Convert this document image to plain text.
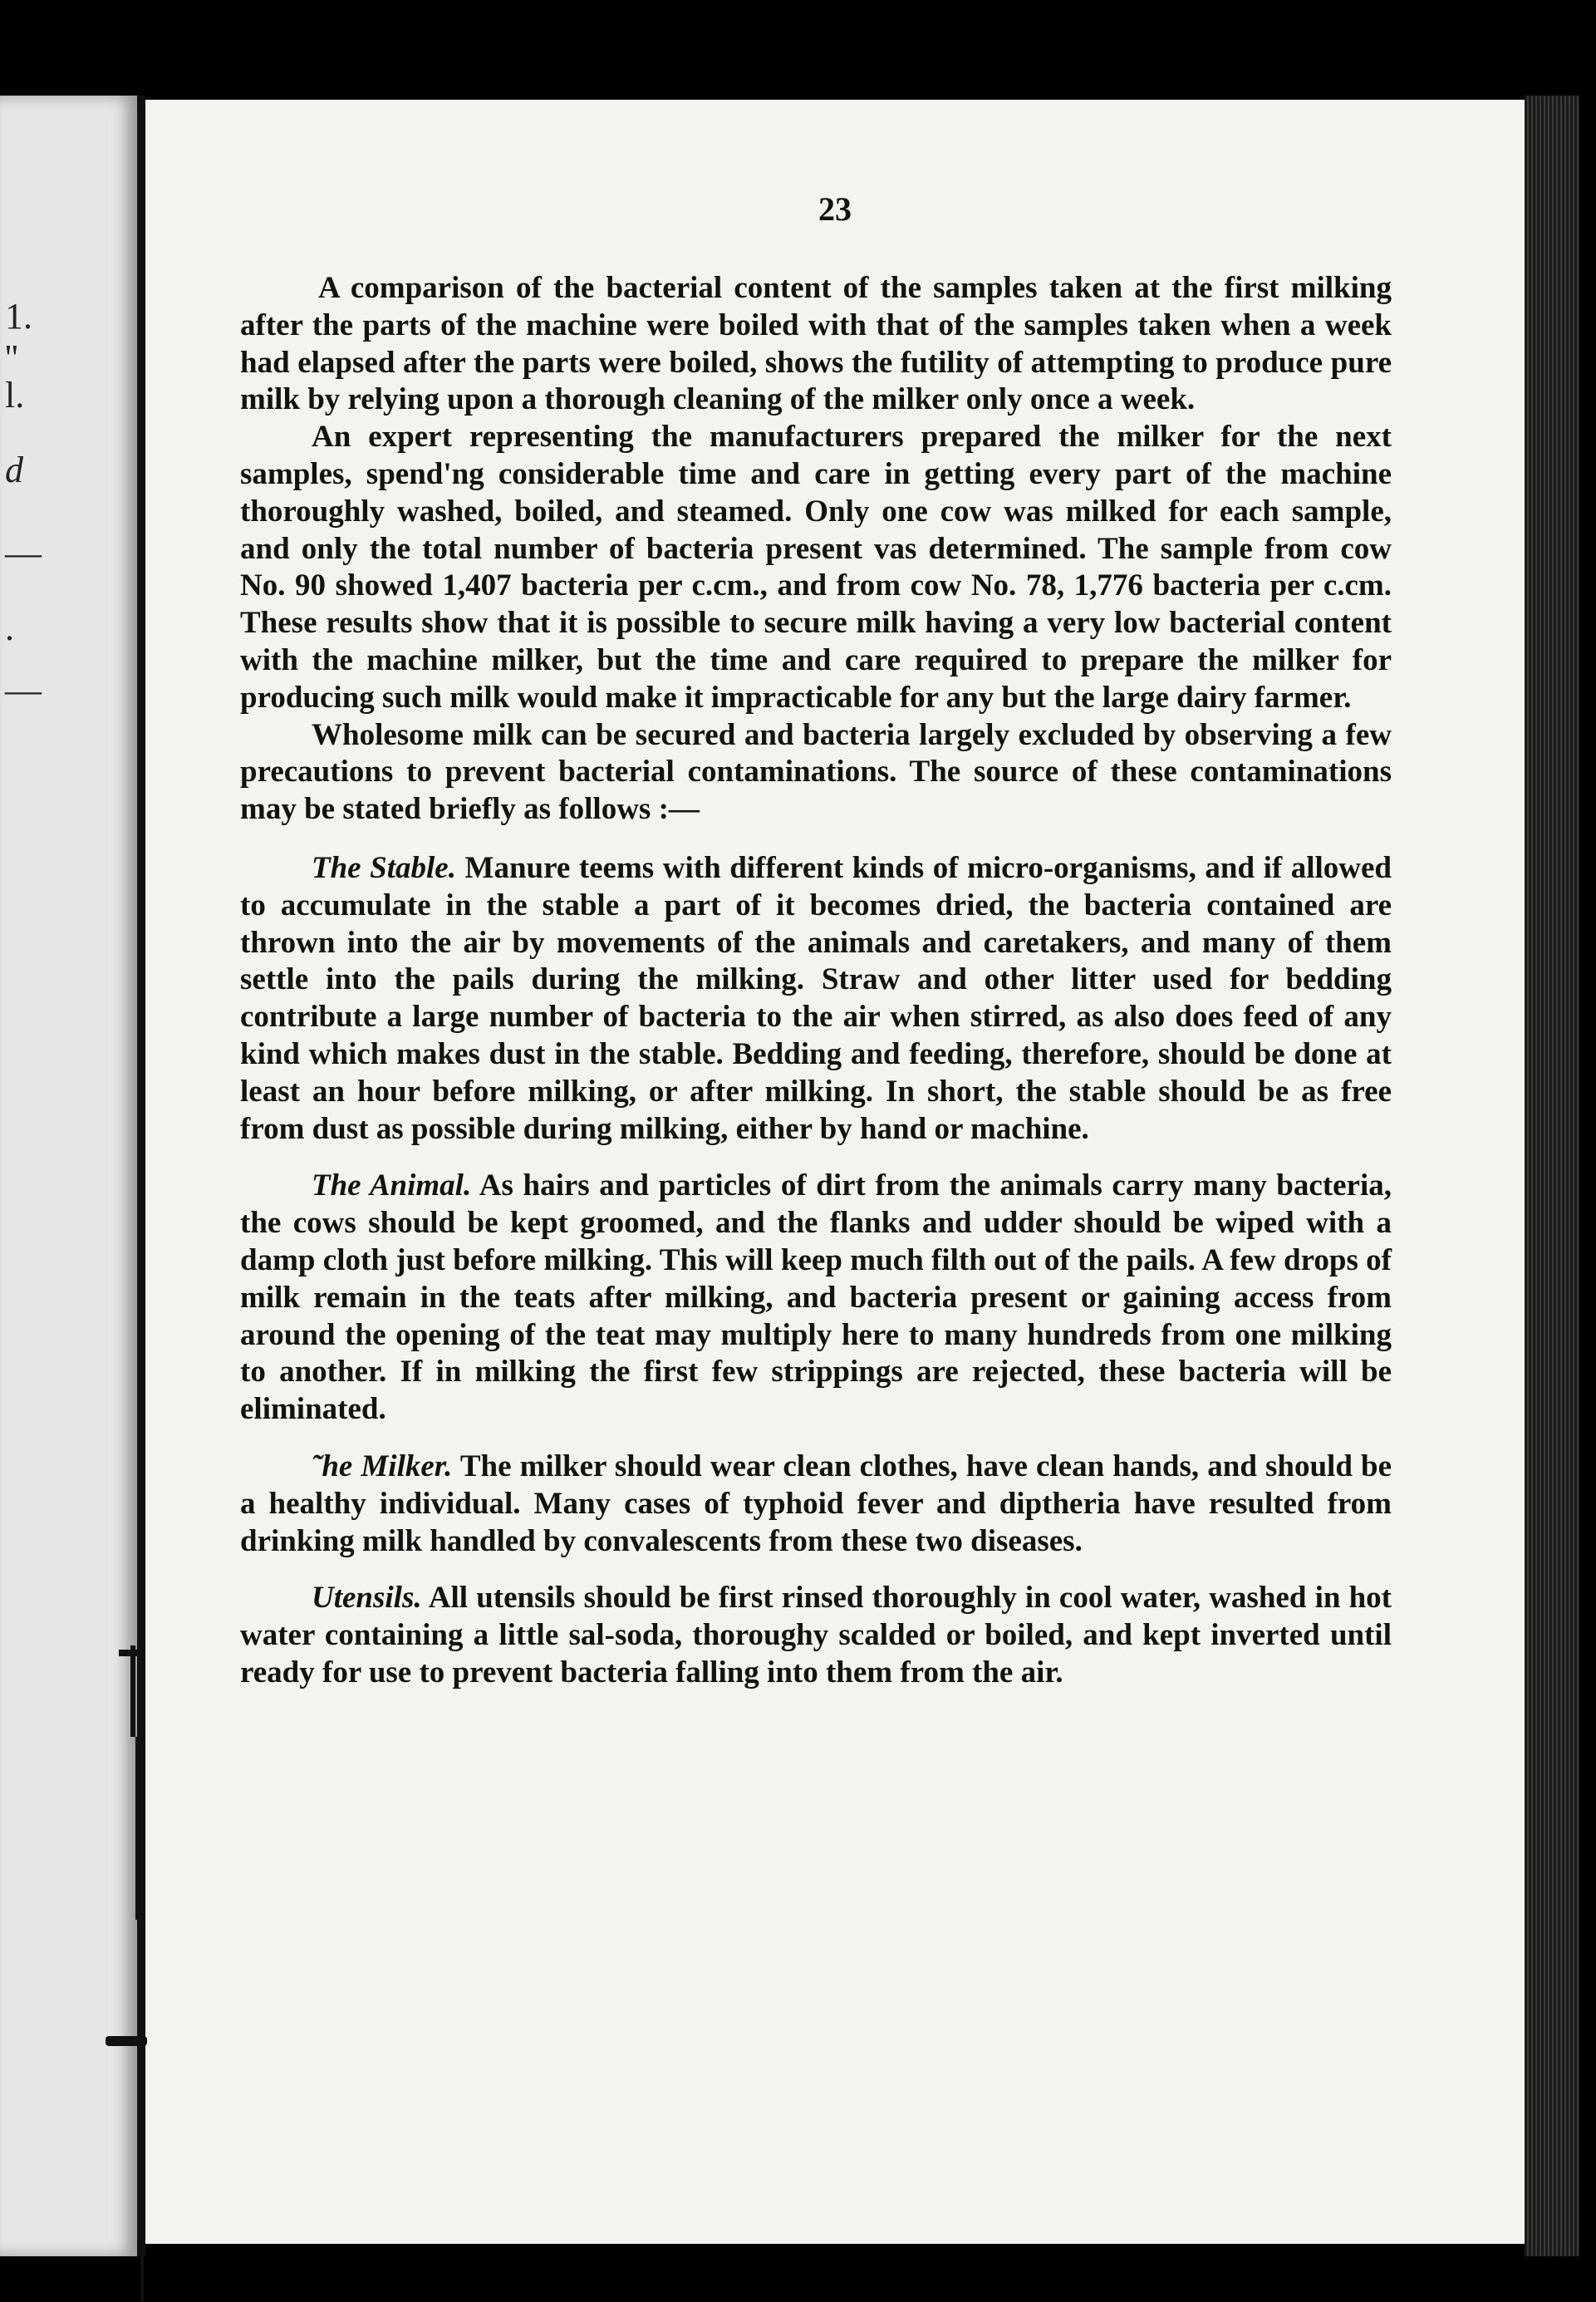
1.
''
l.
d
—
.
—
23

A comparison of the bacterial content of the samples taken at the first milking after the parts of the machine were boiled with that of the samples taken when a week had elapsed after the parts were boiled, shows the futility of attempting to produce pure milk by relying upon a thorough cleaning of the milker only once a week.

An expert representing the manufacturers prepared the milker for the next samples, spend'ng considerable time and care in getting every part of the machine thoroughly washed, boiled, and steamed. Only one cow was milked for each sample, and only the total number of bacteria present vas determined. The sample from cow No. 90 showed 1,407 bacteria per c.cm., and from cow No. 78, 1,776 bacteria per c.cm. These results show that it is possible to secure milk having a very low bacterial content with the machine milker, but the time and care required to prepare the milker for producing such milk would make it impracticable for any but the large dairy farmer.

Wholesome milk can be secured and bacteria largely excluded by observing a few precautions to prevent bacterial contaminations. The source of these contaminations may be stated briefly as follows :—

The Stable. Manure teems with different kinds of micro-organisms, and if allowed to accumulate in the stable a part of it becomes dried, the bacteria contained are thrown into the air by movements of the animals and caretakers, and many of them settle into the pails during the milking. Straw and other litter used for bedding contribute a large number of bacteria to the air when stirred, as also does feed of any kind which makes dust in the stable. Bedding and feeding, therefore, should be done at least an hour before milking, or after milking. In short, the stable should be as free from dust as possible during milking, either by hand or machine.

The Animal. As hairs and particles of dirt from the animals carry many bacteria, the cows should be kept groomed, and the flanks and udder should be wiped with a damp cloth just before milking. This will keep much filth out of the pails. A few drops of milk remain in the teats after milking, and bacteria present or gaining access from around the opening of the teat may multiply here to many hundreds from one milking to another. If in milking the first few strippings are rejected, these bacteria will be eliminated.

˜he Milker. The milker should wear clean clothes, have clean hands, and should be a healthy individual. Many cases of typhoid fever and diptheria have resulted from drinking milk handled by convalescents from these two diseases.

Utensils. All utensils should be first rinsed thoroughly in cool water, washed in hot water containing a little sal-soda, thoroughy scalded or boiled, and kept inverted until ready for use to prevent bacteria falling into them from the air.
